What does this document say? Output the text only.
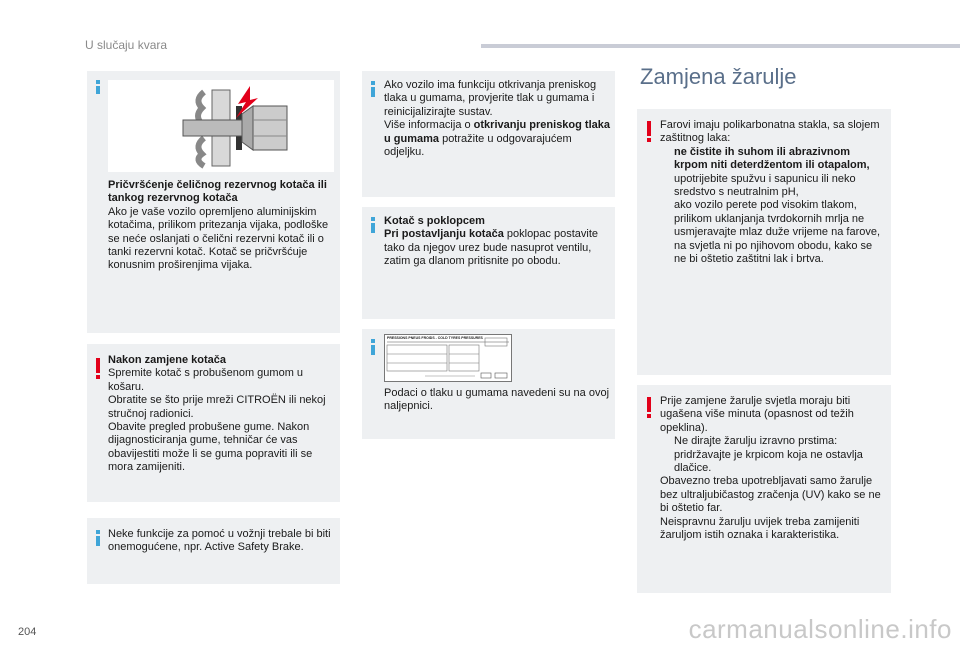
U slučaju kvara
Pričvršćenje čeličnog rezervnog kotača ili tankog rezervnog kotača
Ako je vaše vozilo opremljeno aluminijskim kotačima, prilikom pritezanja vijaka, podloške se neće oslanjati o čelični rezervni kotač ili o tanki rezervni kotač. Kotač se pričvršćuje konusnim proširenjima vijaka.
Nakon zamjene kotača
Spremite kotač s probušenom gumom u košaru.
Obratite se što prije mreži CITROËN ili nekoj stručnoj radionici.
Obavite pregled probušene gume. Nakon dijagnosticiranja gume, tehničar će vas obavijestiti može li se guma popraviti ili se mora zamijeniti.
Neke funkcije za pomoć u vožnji trebale bi biti onemogućene, npr. Active Safety Brake.
Ako vozilo ima funkciju otkrivanja preniskog tlaka u gumama, provjerite tlak u gumama i reinicijalizirajte sustav.
Više informacija o otkrivanju preniskog tlaka u gumama potražite u odgovarajućem odjeljku.
Kotač s poklopcem
Pri postavljanju kotača poklopac postavite tako da njegov urez bude nasuprot ventilu, zatim ga dlanom pritisnite po obodu.
PRESSIONS PNEUS FROIDS - COLD TYRES PRESSURES
Podaci o tlaku u gumama navedeni su na ovoj naljepnici.
Zamjena žarulje
Farovi imaju polikarbonatna stakla, sa slojem zaštitnog laka:
ne čistite ih suhom ili abrazivnom krpom niti deterdžentom ili otapalom,
upotrijebite spužvu i sapunicu ili neko sredstvo s neutralnim pH,
ako vozilo perete pod visokim tlakom, prilikom uklanjanja tvrdokornih mrlja ne usmjeravajte mlaz duže vrijeme na farove, na svjetla ni po njihovom obodu, kako se ne bi oštetio zaštitni lak i brtva.
Prije zamjene žarulje svjetla moraju biti ugašena više minuta (opasnost od težih opeklina).
Ne dirajte žarulju izravno prstima: pridržavajte je krpicom koja ne ostavlja dlačice.
Obavezno treba upotrebljavati samo žarulje bez ultraljubičastog zračenja (UV) kako se ne bi oštetio far.
Neispravnu žarulju uvijek treba zamijeniti žaruljom istih oznaka i karakteristika.
204	carmanualsonline.info
